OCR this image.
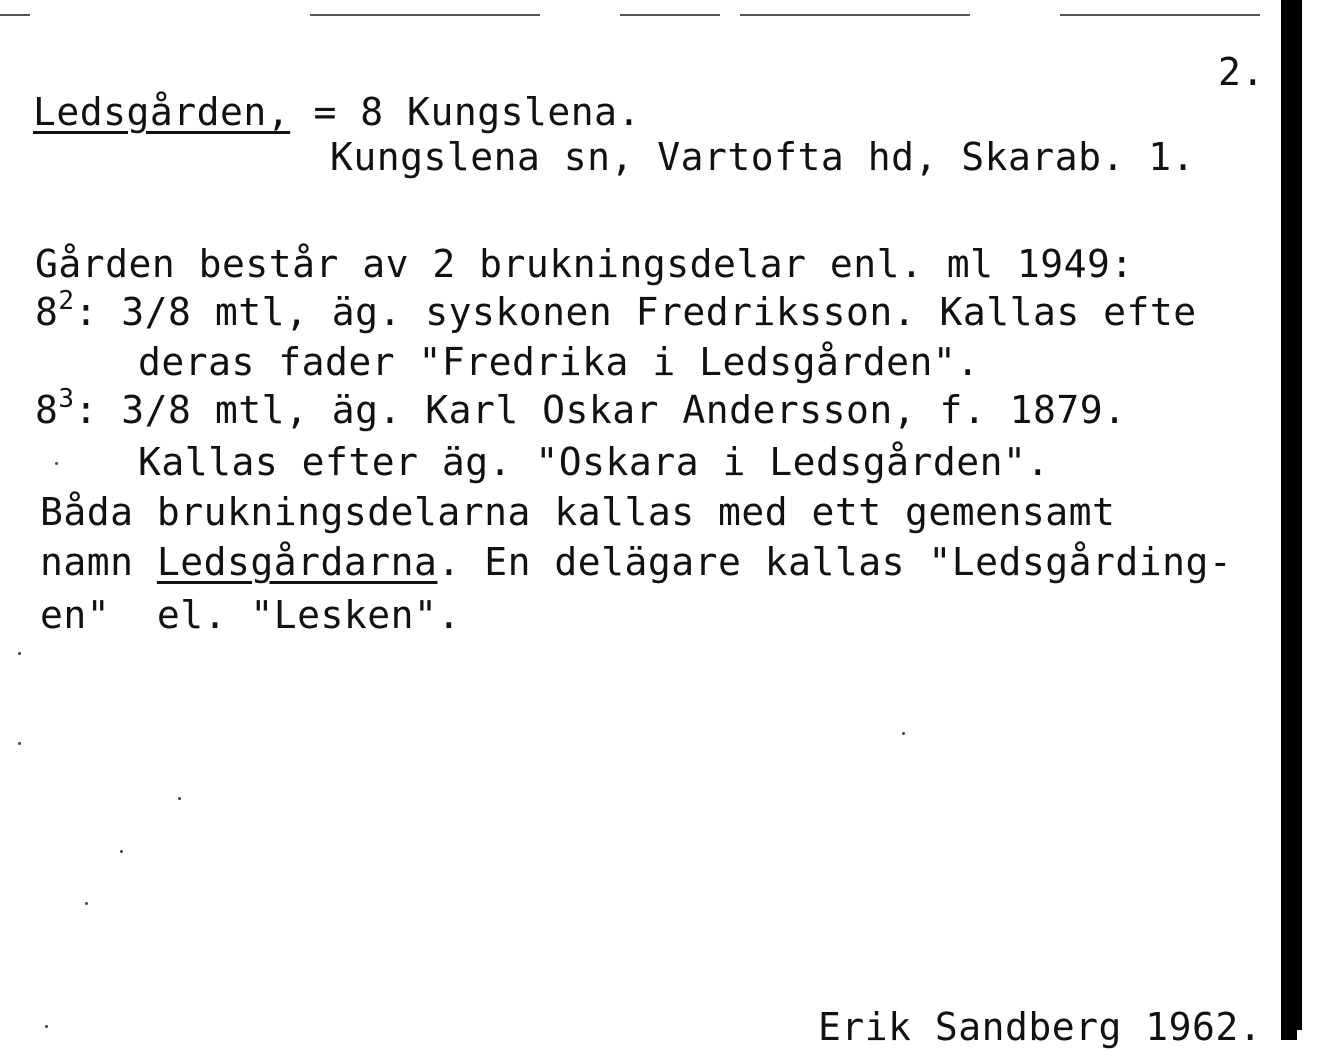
2.
Ledsgården, = 8 Kungslena.
Kungslena sn, Vartofta hd, Skarab. 1.
Gården består av 2 brukningsdelar enl. ml 1949:
$8^2$: 3/8 mtl, äg. syskonen Fredriksson. Kallas efte
deras fader "Fredrika i Ledsgården".
$8^3$: 3/8 mtl, äg. Karl Oskar Andersson, f. 1879.
Kallas efter äg. "Oskara i Ledsgården".
Båda brukningsdelarna kallas med ett gemensamt
namn Ledsgårdarna. En delägare kallas "Ledsgårding-
en"  el. "Lesken".
Erik Sandberg 1962.
